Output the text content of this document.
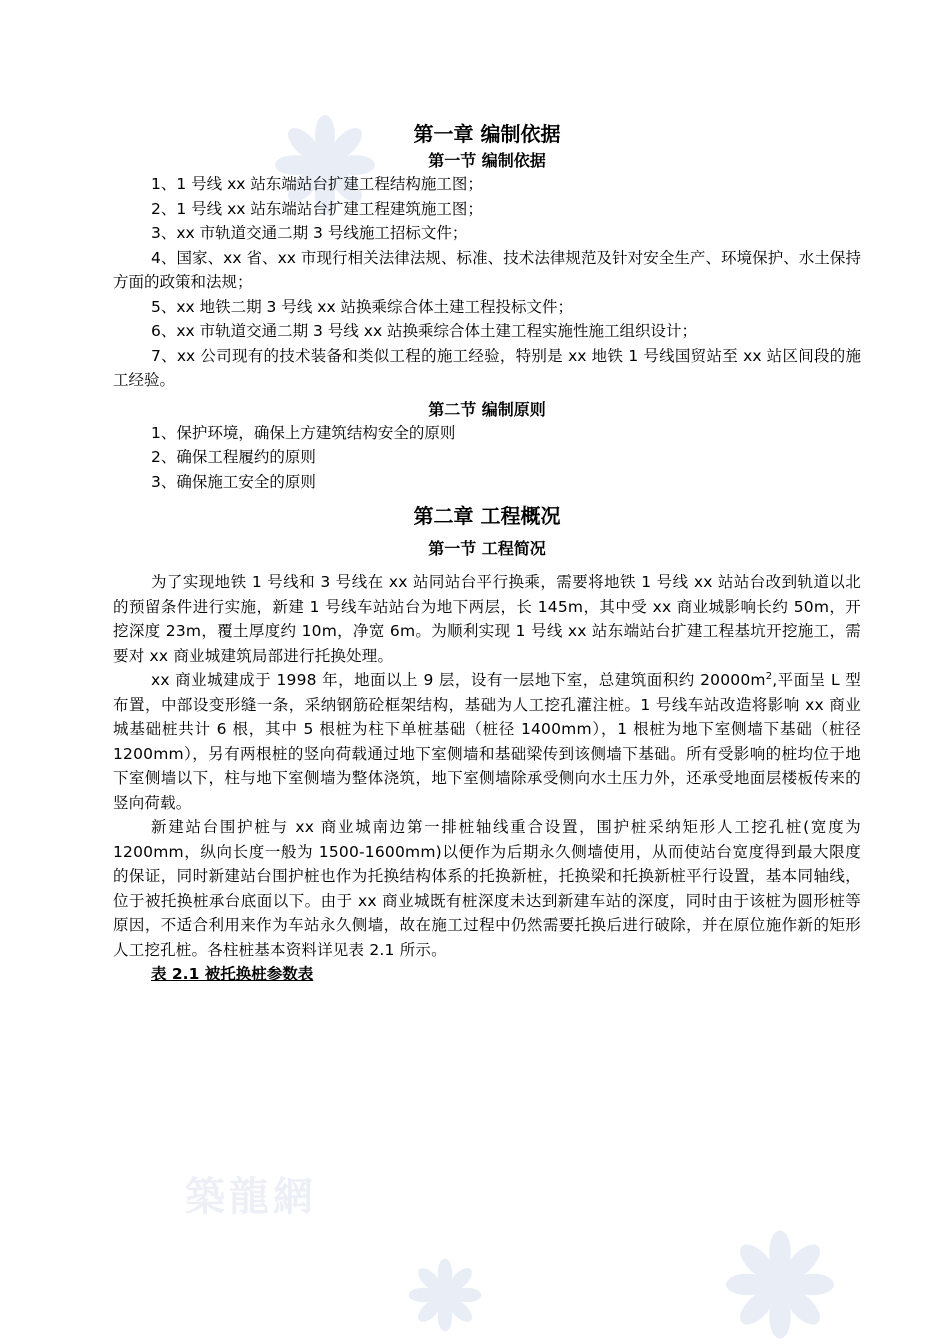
築龍網
第一章 编制依据
第一节 编制依据

1、1 号线 xx 站东端站台扩建工程结构施工图；

2、1 号线 xx 站东端站台扩建工程建筑施工图；

3、xx 市轨道交通二期 3 号线施工招标文件；

4、国家、xx 省、xx 市现行相关法律法规、标准、技术法律规范及针对安全生产、环境保护、水土保持方面的政策和法规；

5、xx 地铁二期 3 号线 xx 站换乘综合体土建工程投标文件；

6、xx 市轨道交通二期 3 号线 xx 站换乘综合体土建工程实施性施工组织设计；

7、xx 公司现有的技术装备和类似工程的施工经验，特别是 xx 地铁 1 号线国贸站至 xx 站区间段的施工经验。

第二节 编制原则

1、保护环境，确保上方建筑结构安全的原则

2、确保工程履约的原则

3、确保施工安全的原则

第二章 工程概况
第一节 工程简况

为了实现地铁 1 号线和 3 号线在 xx 站同站台平行换乘，需要将地铁 1 号线 xx 站站台改到轨道以北的预留条件进行实施，新建 1 号线车站站台为地下两层，长 145m，其中受 xx 商业城影响长约 50m，开挖深度 23m，覆土厚度约 10m，净宽 6m。为顺利实现 1 号线 xx 站东端站台扩建工程基坑开挖施工，需要对 xx 商业城建筑局部进行托换处理。

xx 商业城建成于 1998 年，地面以上 9 层，设有一层地下室，总建筑面积约 $20000m^2$,平面呈 L 型布置，中部设变形缝一条，采纳钢筋砼框架结构，基础为人工挖孔灌注桩。1 号线车站改造将影响 xx 商业城基础桩共计 6 根，其中 5 根桩为柱下单桩基础（桩径 1400mm），1 根桩为地下室侧墙下基础（桩径 1200mm），另有两根桩的竖向荷载通过地下室侧墙和基础梁传到该侧墙下基础。所有受影响的桩均位于地下室侧墙以下，柱与地下室侧墙为整体浇筑，地下室侧墙除承受侧向水土压力外，还承受地面层楼板传来的竖向荷载。

新建站台围护桩与 xx 商业城南边第一排桩轴线重合设置，围护桩采纳矩形人工挖孔桩(宽度为 1200mm，纵向长度一般为 1500-1600mm)以便作为后期永久侧墙使用，从而使站台宽度得到最大限度的保证，同时新建站台围护桩也作为托换结构体系的托换新桩，托换梁和托换新桩平行设置，基本同轴线，位于被托换桩承台底面以下。由于 xx 商业城既有桩深度未达到新建车站的深度，同时由于该桩为圆形桩等原因，不适合利用来作为车站永久侧墙，故在施工过程中仍然需要托换后进行破除，并在原位施作新的矩形人工挖孔桩。各柱桩基本资料详见表 2.1 所示。

表 2.1 被托换桩参数表
